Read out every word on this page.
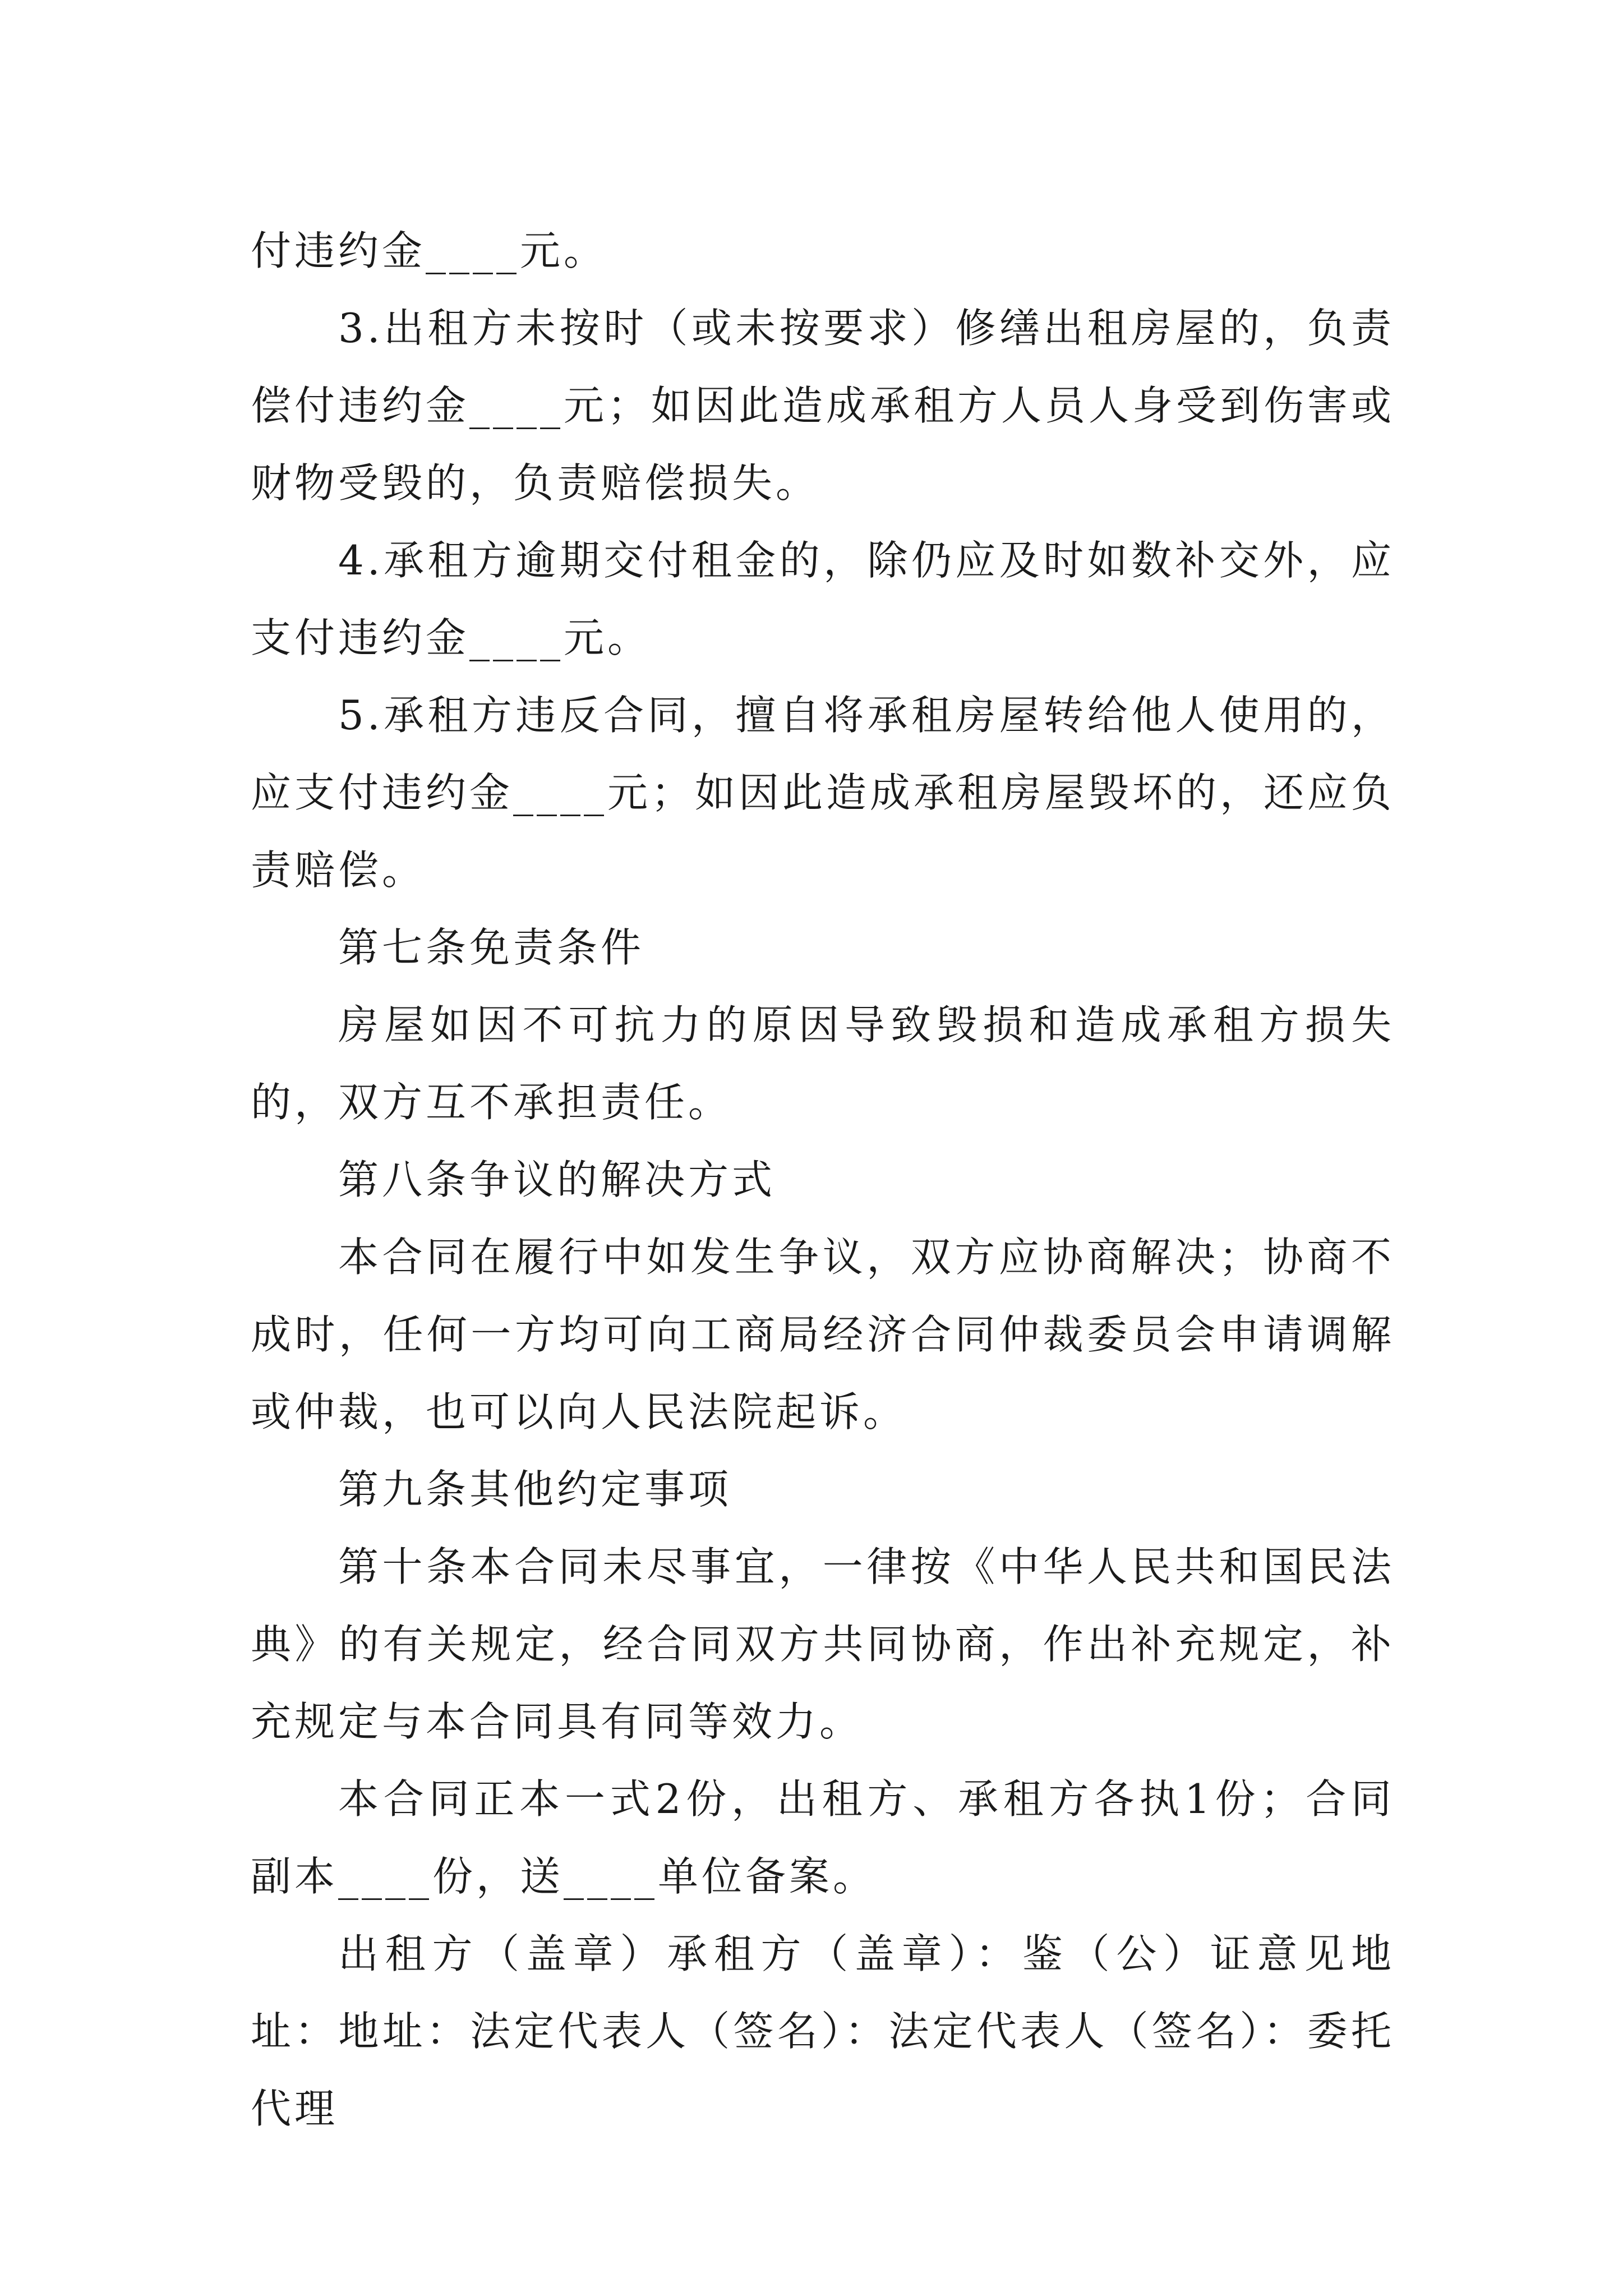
付违约金____元。

3.出租方未按时（或未按要求）修缮出租房屋的，负责偿付违约金____元；如因此造成承租方人员人身受到伤害或财物受毁的，负责赔偿损失。

4.承租方逾期交付租金的，除仍应及时如数补交外，应支付违约金____元。

5.承租方违反合同，擅自将承租房屋转给他人使用的，应支付违约金____元；如因此造成承租房屋毁坏的，还应负责赔偿。

第七条免责条件

房屋如因不可抗力的原因导致毁损和造成承租方损失的，双方互不承担责任。

第八条争议的解决方式

本合同在履行中如发生争议，双方应协商解决；协商不成时，任何一方均可向工商局经济合同仲裁委员会申请调解或仲裁，也可以向人民法院起诉。

第九条其他约定事项

第十条本合同未尽事宜，一律按《中华人民共和国民法典》的有关规定，经合同双方共同协商，作出补充规定，补充规定与本合同具有同等效力。

本合同正本一式2份，出租方、承租方各执1份；合同副本____份，送____单位备案。

出租方（盖章）承租方（盖章）：鉴（公）证意见地址：地址：法定代表人（签名）：法定代表人（签名）：委托代理
